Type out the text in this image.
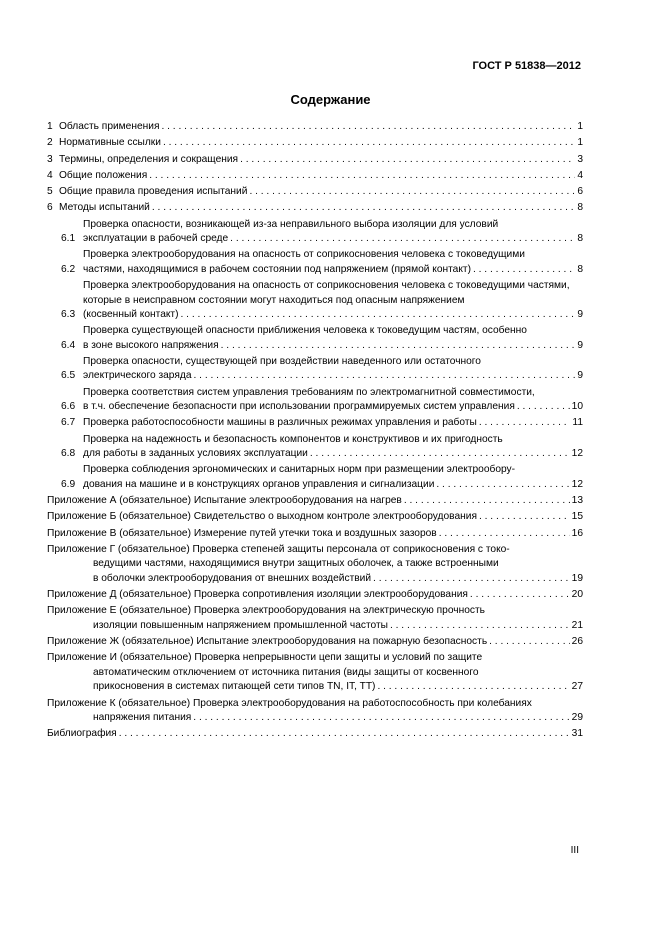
ГОСТ Р 51838—2012
Содержание
1 Область применения . . .	1
2 Нормативные ссылки . . .	1
3 Термины, определения и сокращения . . .	3
4 Общие положения . . .	4
5 Общие правила проведения испытаний . . .	6
6 Методы испытаний . . .	8
6.1
Проверка опасности, возникающей из-за неправильного выбора изоляции для условий
эксплуатации в рабочей среде . . .	8
6.2
Проверка электрооборудования на опасность от соприкосновения человека с токоведущими
частями, находящимися в рабочем состоянии под напряжением (прямой контакт) . . .	8
6.3
Проверка электрооборудования на опасность от соприкосновения человека с токоведущими частями, которые в неисправном состоянии могут находиться под опасным напряжением
(косвенный контакт) . . .	9
6.4
Проверка существующей опасности приближения человека к токоведущим частям, особенно
в зоне высокого напряжения . . .	9
6.5
Проверка опасности, существующей при воздействии наведенного или остаточного
электрического заряда . . .	9
6.6
Проверка соответствия систем управления требованиям по электромагнитной совместимости,
в т.ч. обеспечение безопасности при использовании программируемых систем управления . . .	10
6.7 Проверка работоспособности машины в различных режимах управления и работы . . .	11
6.8
Проверка на надежность и безопасность компонентов и конструктивов и их пригодность
для работы в заданных условиях эксплуатации . . .	12
6.9
Проверка соблюдения эргономических и санитарных норм при размещении электрообору-
дования на машине и в конструкциях органов управления и сигнализации . . .	12
Приложение А (обязательное) Испытание электрооборудования на нагрев . . .	13
Приложение Б (обязательное) Свидетельство о выходном контроле электрооборудования . . .	15
Приложение В (обязательное) Измерение путей утечки тока и воздушных зазоров . . .	16
Приложение Г (обязательное) Проверка степеней защиты персонала от соприкосновения с токо-
ведущими частями, находящимися внутри защитных оболочек, а также встроенными
в оболочки электрооборудования от внешних воздействий . . .	19
Приложение Д (обязательное) Проверка сопротивления изоляции электрооборудования . . .	20
Приложение Е (обязательное) Проверка электрооборудования на электрическую прочность
изоляции повышенным напряжением промышленной частоты . . .	21
Приложение Ж (обязательное) Испытание электрооборудования на пожарную безопасность . . .	26
Приложение И (обязательное) Проверка непрерывности цепи защиты и условий по защите
автоматическим отключением от источника питания (виды защиты от косвенного
прикосновения в системах питающей сети типов TN, IT, TT) . . .	27
Приложение К (обязательное) Проверка электрооборудования на работоспособность при колебаниях
напряжения питания . . .	29
Библиография . . .	31
III
